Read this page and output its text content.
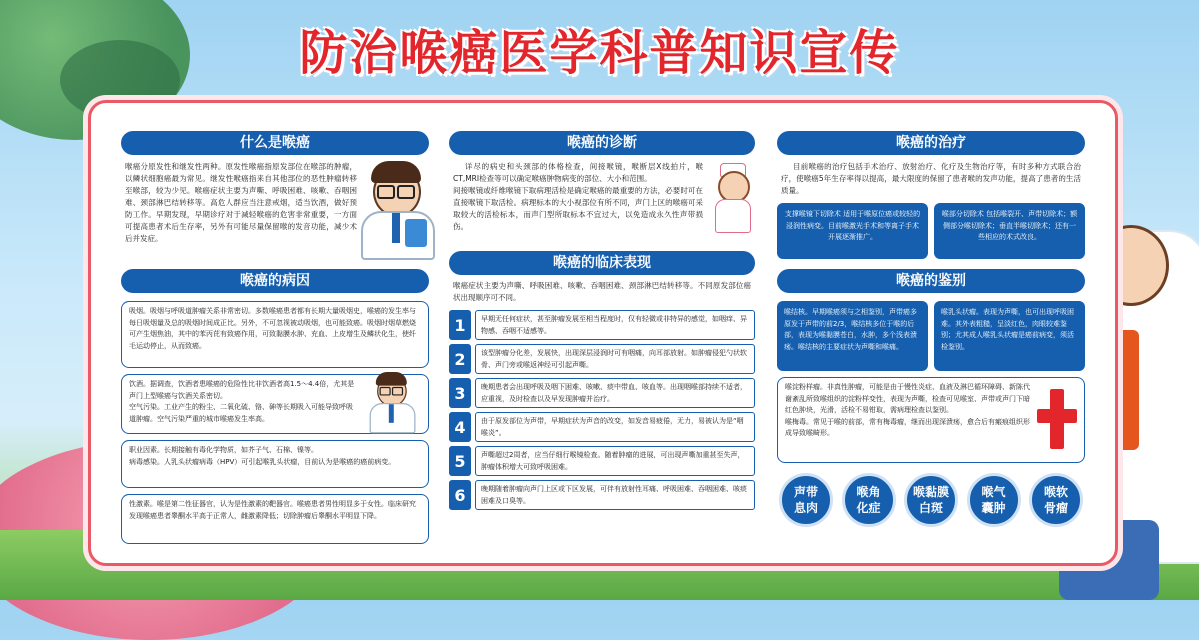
防治喉癌医学科普知识宣传
什么是喉癌
喉癌分原发性和继发性两种。原发性喉癌指原发部位在喉部的肿瘤，以鳞状细胞癌最为常见。继发性喉癌指来自其他部位的恶性肿瘤转移至喉部，较为少见。喉癌症状主要为声嘶、呼吸困难、咳嗽、吞咽困难、颈部淋巴结转移等。高危人群应当注意戒烟，适当饮酒，做好预防工作。早期发现，早期诊疗对于减轻喉癌的危害非常重要，一方面可提高患者术后生存率，另外有可能尽量保留喉的发音功能，减少术后并发症。
喉癌的病因
吸烟。吸烟与呼吸道肿瘤关系非常密切。多数喉癌患者都有长期大量吸烟史，喉癌的发生率与每日吸烟量及总的吸烟时间成正比。另外，不可忽视被动吸烟，也可能致癌。吸烟时烟草燃烧可产生烟焦油，其中的苯丙芘有致癌作用，可致黏膜水肿、充血、上皮增生及鳞状化生，使纤毛运动停止，从而致癌。
饮酒。据调查，饮酒者患喉癌的危险性比非饮酒者高1.5～4.4倍，尤其是声门上型喉癌与饮酒关系密切。
空气污染。工业产生的粉尘、二氧化硫、铬、砷等长期吸入可能导致呼吸道肿瘤。空气污染严重的城市喉癌发生率高。
职业因素。长期接触有毒化学物质，如芥子气、石棉、镍等。
病毒感染。人乳头状瘤病毒（HPV）可引起喉乳头状瘤，目前认为是喉癌的癌前病变。
性激素。喉是第二性征器官，认为是性激素的靶器官。喉癌患者男性明显多于女性。临床研究发现喉癌患者睾酮水平高于正常人，雌激素降低；切除肿瘤后睾酮水平明显下降。
喉癌的诊断
详尽的病史和头颈部的体格检查，间接喉镜，喉断层X线拍片，喉CT,MRI检查等可以确定喉癌肿物病变的部位、大小和范围。
间接喉镜或纤维喉镜下取病理活检是确定喉癌的最重要的方法，必要时可在直接喉镜下取活检。病理标本的大小视部位有所不同，声门上区的喉癌可采取较大的活检标本，而声门型所取标本不宜过大，以免造成永久性声带损伤。
喉癌的临床表现
喉癌症状主要为声嘶、呼吸困难、咳嗽、吞咽困难、颈部淋巴结转移等。不同原发部位癌状出现顺序可不同。
1	早期无任何症状，甚至肿瘤发展至相当程度时，仅有轻微或非特异的感觉，如咽痒、异物感、吞咽不适感等。
2	该型肿瘤分化差，发展快，出现深层浸润时可有咽痛，向耳部放射。如肿瘤侵犯勺状软骨、声门旁或喉返神经可引起声嘶。
3	晚期患者会出现呼吸及咽下困难、咳嗽、痰中带血、咳血等。出现咽喉部持续不适者，应重视，及时检查以及早发现肿瘤并治疗。
4	由于原发部位为声带，早期症状为声音的改变，如发音易疲倦，无力，易被认为是“咽喉炎”。
5	声嘶超过2周者，应当仔细行喉镜检查。随着肿瘤的进展，可出现声嘶加重甚至失声，肿瘤体积增大可致呼吸困难。
6	晚期随着肿瘤向声门上区或下区发展，可伴有放射性耳痛、呼吸困难、吞咽困难、咳痰困难及口臭等。
喉癌的治疗
目前喉癌的治疗包括手术治疗、放射治疗、化疗及生物治疗等，有时多种方式联合治疗，使喉癌5年生存率得以提高，最大限度的保留了患者喉的发声功能，提高了患者的生活质量。
支撑喉镜下切除术 适用于喉原位癌或较轻的浸润性病变。目前喉激光手术和等离子手术开展逐渐推广。
喉部分切除术 包括喉裂开、声带切除术；额侧部分喉切除术；垂直半喉切除术；还有一些相应的术式改良。
喉癌的鉴别
喉结核。早期喉癌须与之相鉴别，声带癌多原发于声带的前2/3，喉结核多位于喉的后部，表现为喉黏膜苍白，水肿，多个浅表溃疡。喉结核的主要症状为声嘶和喉痛。
喉乳头状瘤。表现为声嘶，也可出现呼吸困难。其外表粗糙，呈淡红色，肉眼较难鉴别；尤其成人喉乳头状瘤是癌前病变，须活检鉴别。
喉淀粉样瘤。非真性肿瘤，可能是由于慢性炎症、血液及淋巴循环障碍、新陈代谢紊乱所致喉组织的淀粉样变性，表现为声嘶，检查可见喉室、声带或声门下暗红色肿块，光滑，活检不易钳取，需病理检查以鉴别。
喉梅毒。常见于喉的前部，常有梅毒瘤，继而出现深溃疡，愈合后有瘢痕组织形成导致喉畸形。
声带
息肉
喉角
化症
喉黏膜
白斑
喉气
囊肿
喉软
骨瘤
